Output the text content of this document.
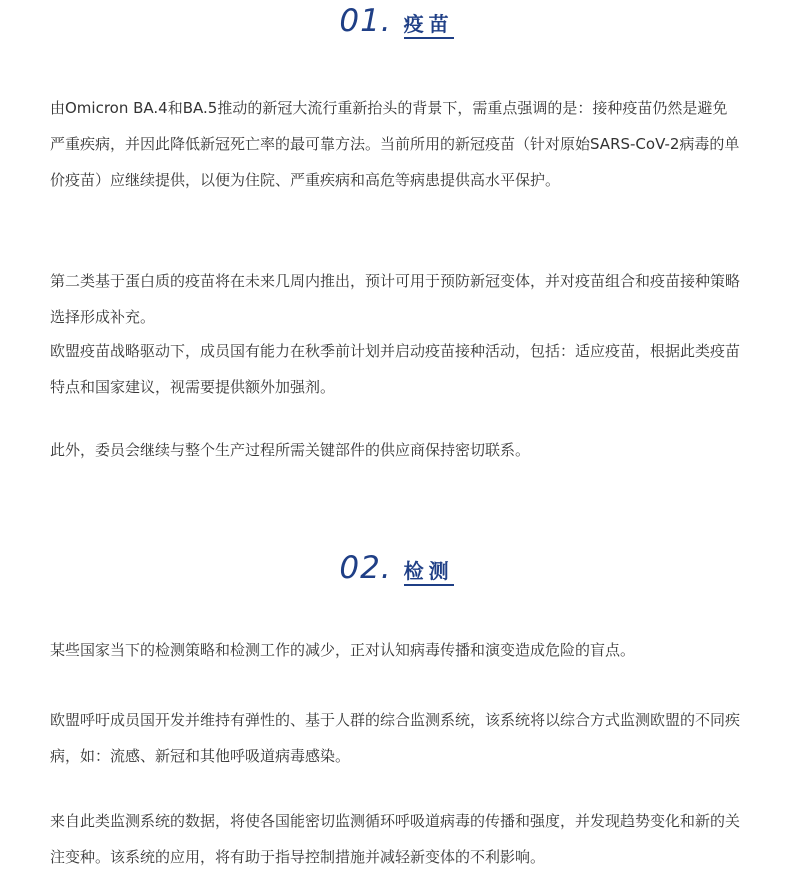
01. 疫苗

由Omicron BA.4和BA.5推动的新冠大流行重新抬头的背景下，需重点强调的是：接种疫苗仍然是避免严重疾病，并因此降低新冠死亡率的最可靠方法。当前所用的新冠疫苗（针对原始SARS-CoV-2病毒的单价疫苗）应继续提供，以便为住院、严重疾病和高危等病患提供高水平保护。

第二类基于蛋白质的疫苗将在未来几周内推出，预计可用于预防新冠变体，并对疫苗组合和疫苗接种策略选择形成补充。

欧盟疫苗战略驱动下，成员国有能力在秋季前计划并启动疫苗接种活动，包括：适应疫苗，根据此类疫苗特点和国家建议，视需要提供额外加强剂。

此外，委员会继续与整个生产过程所需关键部件的供应商保持密切联系。

02. 检测

某些国家当下的检测策略和检测工作的减少，正对认知病毒传播和演变造成危险的盲点。

欧盟呼吁成员国开发并维持有弹性的、基于人群的综合监测系统，该系统将以综合方式监测欧盟的不同疾病，如：流感、新冠和其他呼吸道病毒感染。

来自此类监测系统的数据，将使各国能密切监测循环呼吸道病毒的传播和强度，并发现趋势变化和新的关注变种。该系统的应用，将有助于指导控制措施并减轻新变体的不利影响。
